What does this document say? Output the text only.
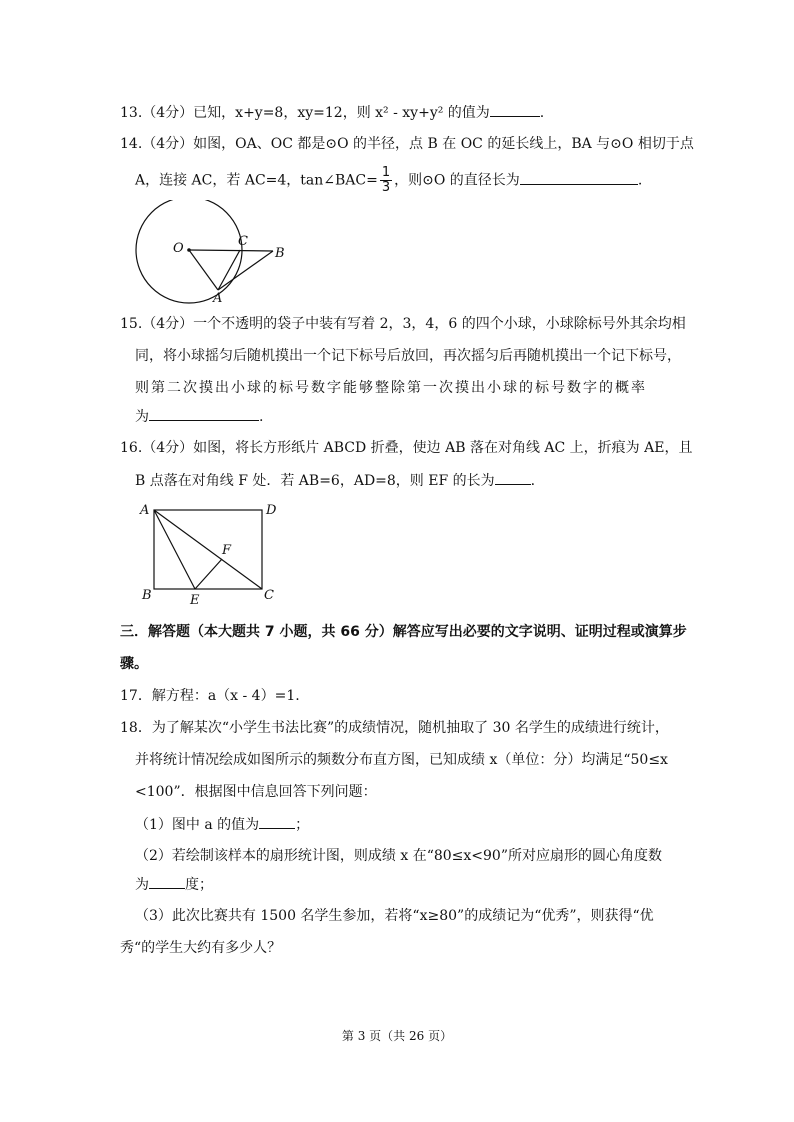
13.（4分）已知，x+y=8，xy=12，则 x² - xy+y² 的值为	.
14.（4分）如图，OA、OC 都是⊙O 的半径，点 B 在 OC 的延长线上，BA 与⊙O 相切于点
A，连接 AC，若 AC=4，tan∠BAC= $\frac{1}{3}$ ，则⊙O 的直径长为	.
O	C
B
A
15.（4分）一个不透明的袋子中装有写着 2，3，4，6 的四个小球，小球除标号外其余均相
同，将小球摇匀后随机摸出一个记下标号后放回，再次摇匀后再随机摸出一个记下标号，
则第二次摸出小球的标号数字能够整除第一次摸出小球的标号数字的概率
为	.
16.（4分）如图，将长方形纸片 ABCD 折叠，使边 AB 落在对角线 AC 上，折痕为 AE，且
B 点落在对角线 F 处．若 AB=6，AD=8，则 EF 的长为	.
A	D
F
B	E	C
三．解答题（本大题共 7 小题，共 66 分）解答应写出必要的文字说明、证明过程或演算步
骤。
17．解方程：a（x - 4）=1.
18．为了解某次“小学生书法比赛”的成绩情况，随机抽取了 30 名学生的成绩进行统计，
并将统计情况绘成如图所示的频数分布直方图，已知成绩 x（单位：分）均满足“50≤x
<100”．根据图中信息回答下列问题：
（1）图中 a 的值为	；
（2）若绘制该样本的扇形统计图，则成绩 x 在“80≤x<90”所对应扇形的圆心角度数
为	度；
（3）此次比赛共有 1500 名学生参加，若将“x≥80”的成绩记为“优秀”，则获得“优
秀“的学生大约有多少人？
第 3 页（共 26 页）
